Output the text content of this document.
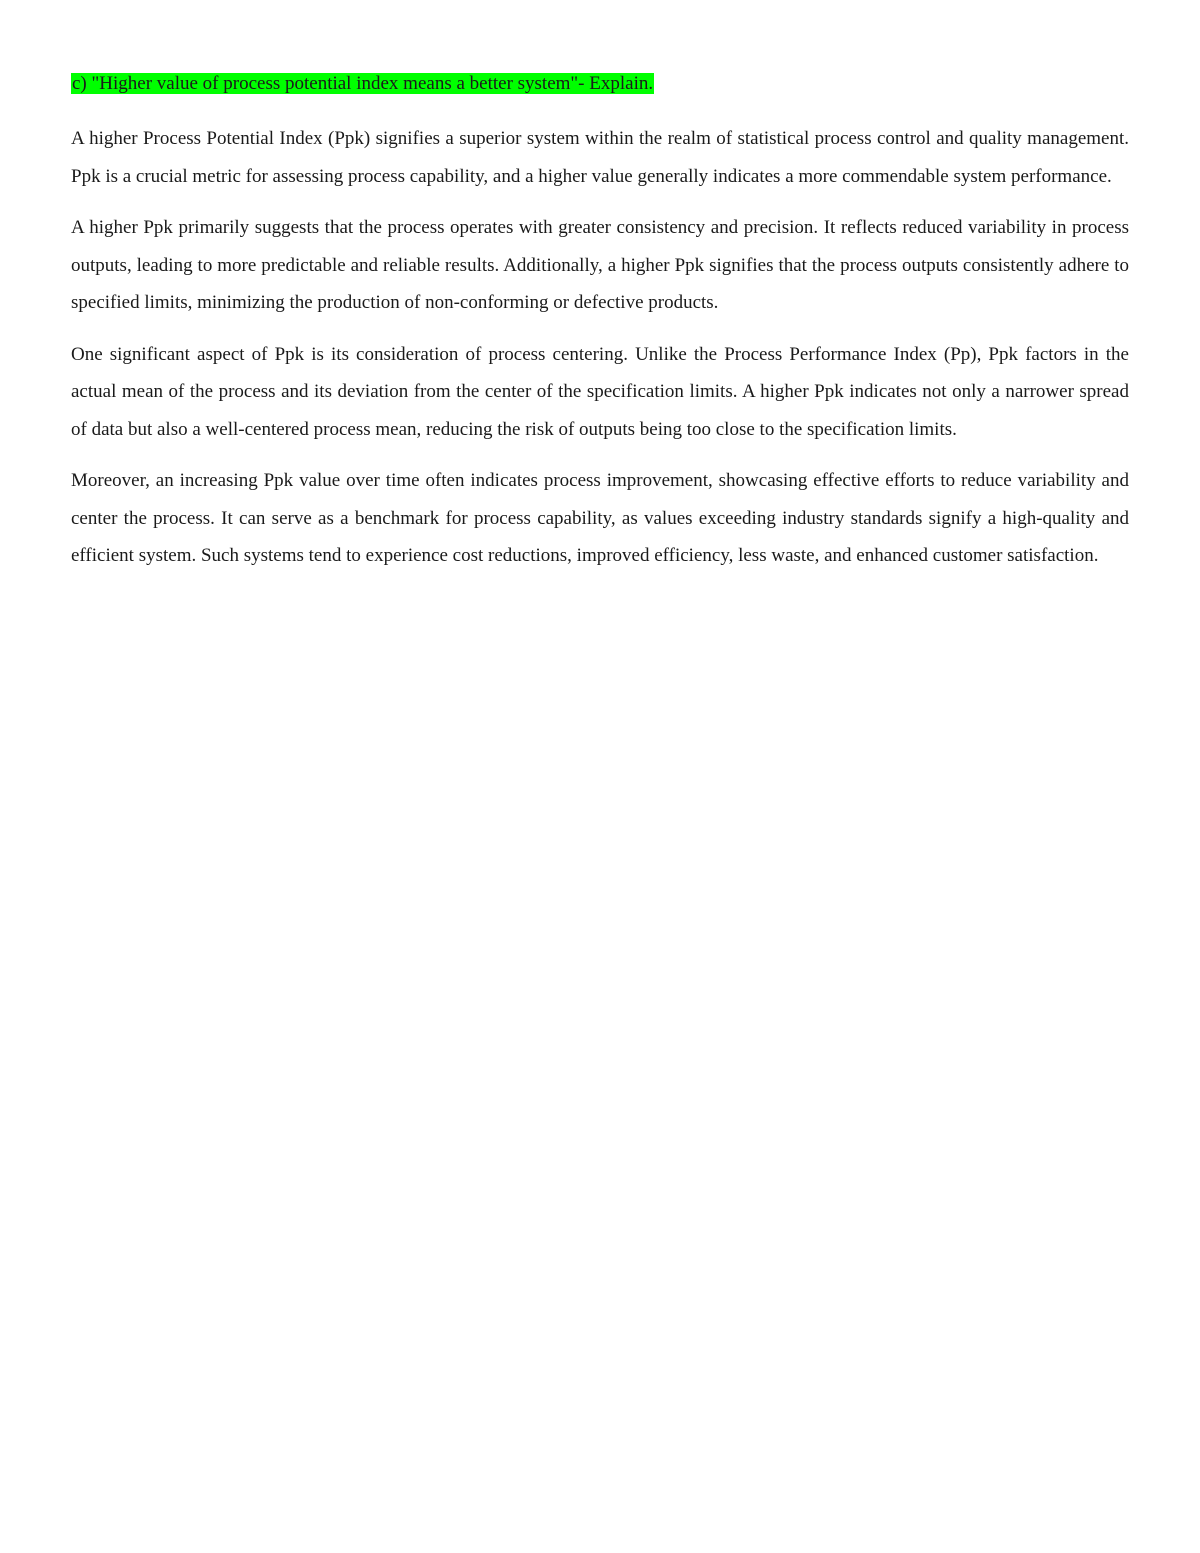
c) "Higher value of process potential index means a better system"- Explain.

A higher Process Potential Index (Ppk) signifies a superior system within the realm of statistical process control and quality management. Ppk is a crucial metric for assessing process capability, and a higher value generally indicates a more commendable system performance.

A higher Ppk primarily suggests that the process operates with greater consistency and precision. It reflects reduced variability in process outputs, leading to more predictable and reliable results. Additionally, a higher Ppk signifies that the process outputs consistently adhere to specified limits, minimizing the production of non-conforming or defective products.

One significant aspect of Ppk is its consideration of process centering. Unlike the Process Performance Index (Pp), Ppk factors in the actual mean of the process and its deviation from the center of the specification limits. A higher Ppk indicates not only a narrower spread of data but also a well-centered process mean, reducing the risk of outputs being too close to the specification limits.

Moreover, an increasing Ppk value over time often indicates process improvement, showcasing effective efforts to reduce variability and center the process. It can serve as a benchmark for process capability, as values exceeding industry standards signify a high-quality and efficient system. Such systems tend to experience cost reductions, improved efficiency, less waste, and enhanced customer satisfaction.
